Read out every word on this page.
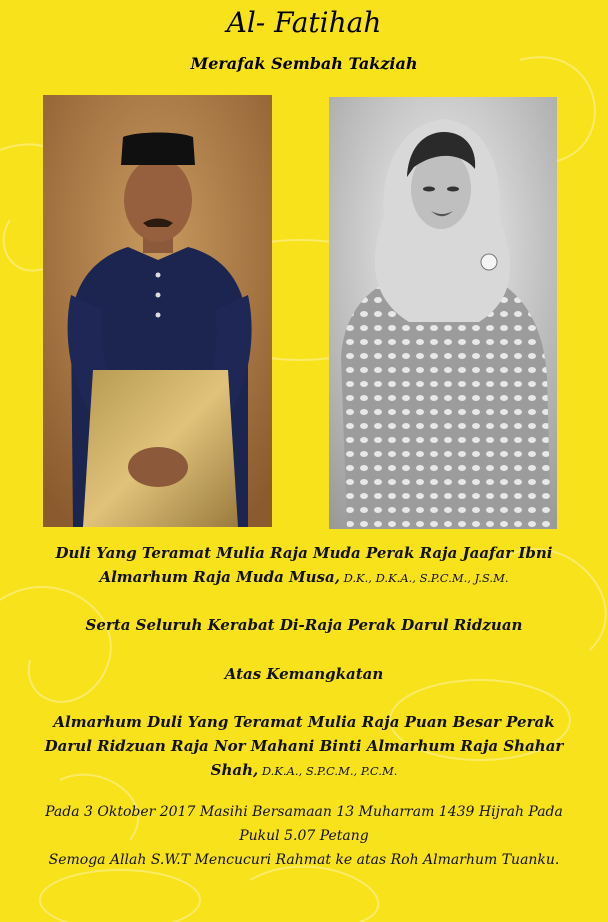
Al- Fatihah
Merafak Sembah Takziah
Duli Yang Teramat Mulia Raja Muda Perak Raja Jaafar Ibni
Almarhum Raja Muda Musa, D.K., D.K.A., S.P.C.M., J.S.M.
Serta Seluruh Kerabat Di-Raja Perak Darul Ridzuan
Atas Kemangkatan
Almarhum Duli Yang Teramat Mulia Raja Puan Besar Perak
Darul Ridzuan Raja Nor Mahani Binti Almarhum Raja Shahar
Shah, D.K.A., S.P.C.M., P.C.M.
Pada 3 Oktober 2017 Masihi Bersamaan 13 Muharram 1439 Hijrah Pada
Pukul 5.07 Petang
Semoga Allah S.W.T Mencucuri Rahmat ke atas Roh Almarhum Tuanku.
